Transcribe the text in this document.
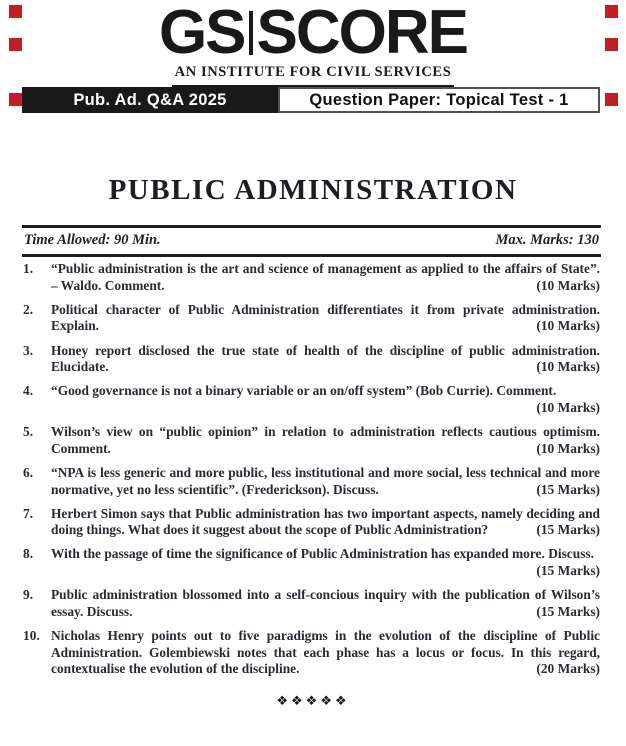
GS SCORE
AN INSTITUTE FOR CIVIL SERVICES
Pub. Ad. Q&A 2025	Question Paper: Topical Test - 1
PUBLIC ADMINISTRATION
Time Allowed: 90 Min.	Max. Marks: 130
1.	“Public administration is the art and science of management as applied to the affairs of State”. – Waldo. Comment.	(10 Marks)
2.	Political character of Public Administration differentiates it from private administration. Explain.	(10 Marks)
3.	Honey report disclosed the true state of health of the discipline of public administration. Elucidate.	(10 Marks)
4.	“Good governance is not a binary variable or an on/off system” (Bob Currie). Comment.
(10 Marks)
5.	Wilson’s view on “public opinion” in relation to administration reflects cautious optimism. Comment.	(10 Marks)
6.	“NPA is less generic and more public, less institutional and more social, less technical and more normative, yet no less scientific”. (Frederickson). Discuss.	(15 Marks)
7.	Herbert Simon says that Public administration has two important aspects, namely deciding and doing things. What does it suggest about the scope of Public Administration?	(15 Marks)
8.	With the passage of time the significance of Public Administration has expanded more. Discuss.
(15 Marks)
9.	Public administration blossomed into a self-concious inquiry with the publication of Wilson’s essay. Discuss.	(15 Marks)
10. Nicholas Henry points out to five paradigms in the evolution of the discipline of Public Administration. Golembiewski notes that each phase has a locus or focus. In this regard, contextualise the evolution of the discipline.	(20 Marks)
❖❖❖❖❖
